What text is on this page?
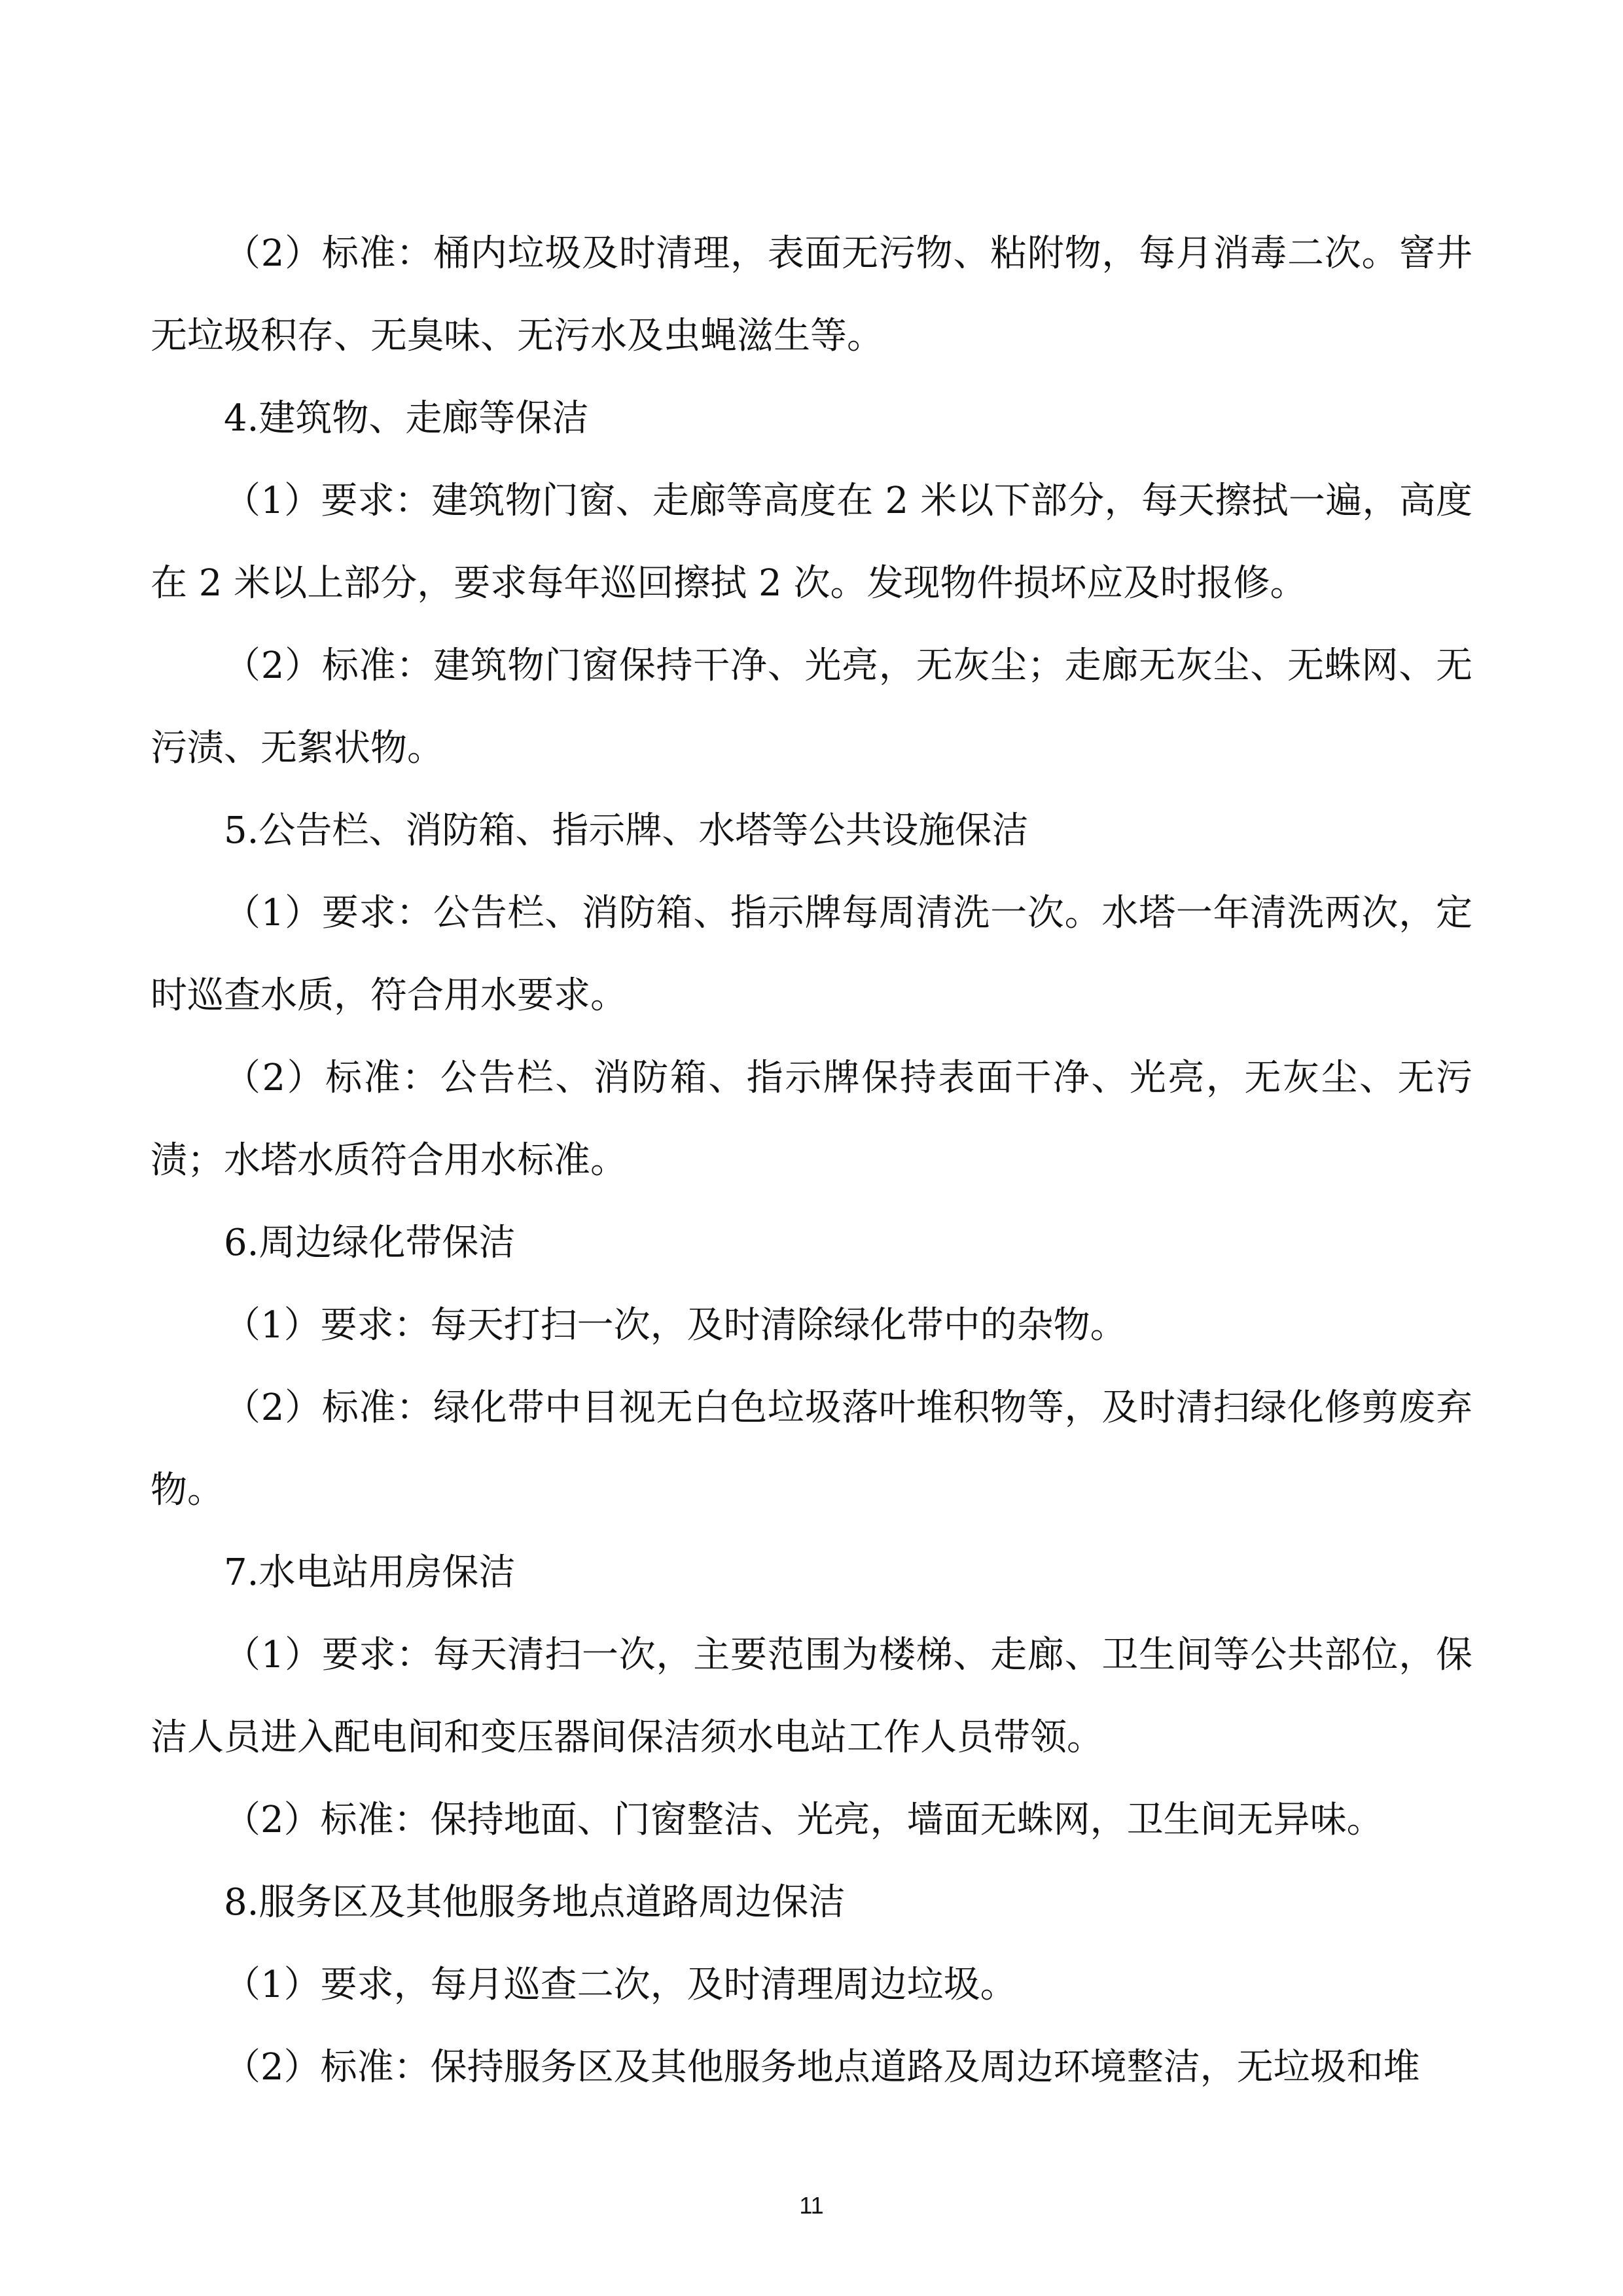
（2）标准：桶内垃圾及时清理，表面无污物、粘附物，每月消毒二次。窨井无垃圾积存、无臭味、无污水及虫蝇滋生等。

4.建筑物、走廊等保洁

（1）要求：建筑物门窗、走廊等高度在 2 米以下部分，每天擦拭一遍，高度在 2 米以上部分，要求每年巡回擦拭 2 次。发现物件损坏应及时报修。

（2）标准：建筑物门窗保持干净、光亮，无灰尘；走廊无灰尘、无蛛网、无污渍、无絮状物。

5.公告栏、消防箱、指示牌、水塔等公共设施保洁

（1）要求：公告栏、消防箱、指示牌每周清洗一次。水塔一年清洗两次，定时巡查水质，符合用水要求。

（2）标准：公告栏、消防箱、指示牌保持表面干净、光亮，无灰尘、无污渍；水塔水质符合用水标准。

6.周边绿化带保洁

（1）要求：每天打扫一次，及时清除绿化带中的杂物。

（2）标准：绿化带中目视无白色垃圾落叶堆积物等，及时清扫绿化修剪废弃物。

7.水电站用房保洁

（1）要求：每天清扫一次，主要范围为楼梯、走廊、卫生间等公共部位，保洁人员进入配电间和变压器间保洁须水电站工作人员带领。

（2）标准：保持地面、门窗整洁、光亮，墙面无蛛网，卫生间无异味。

8.服务区及其他服务地点道路周边保洁

（1）要求，每月巡查二次，及时清理周边垃圾。

（2）标准：保持服务区及其他服务地点道路及周边环境整洁，无垃圾和堆

11
